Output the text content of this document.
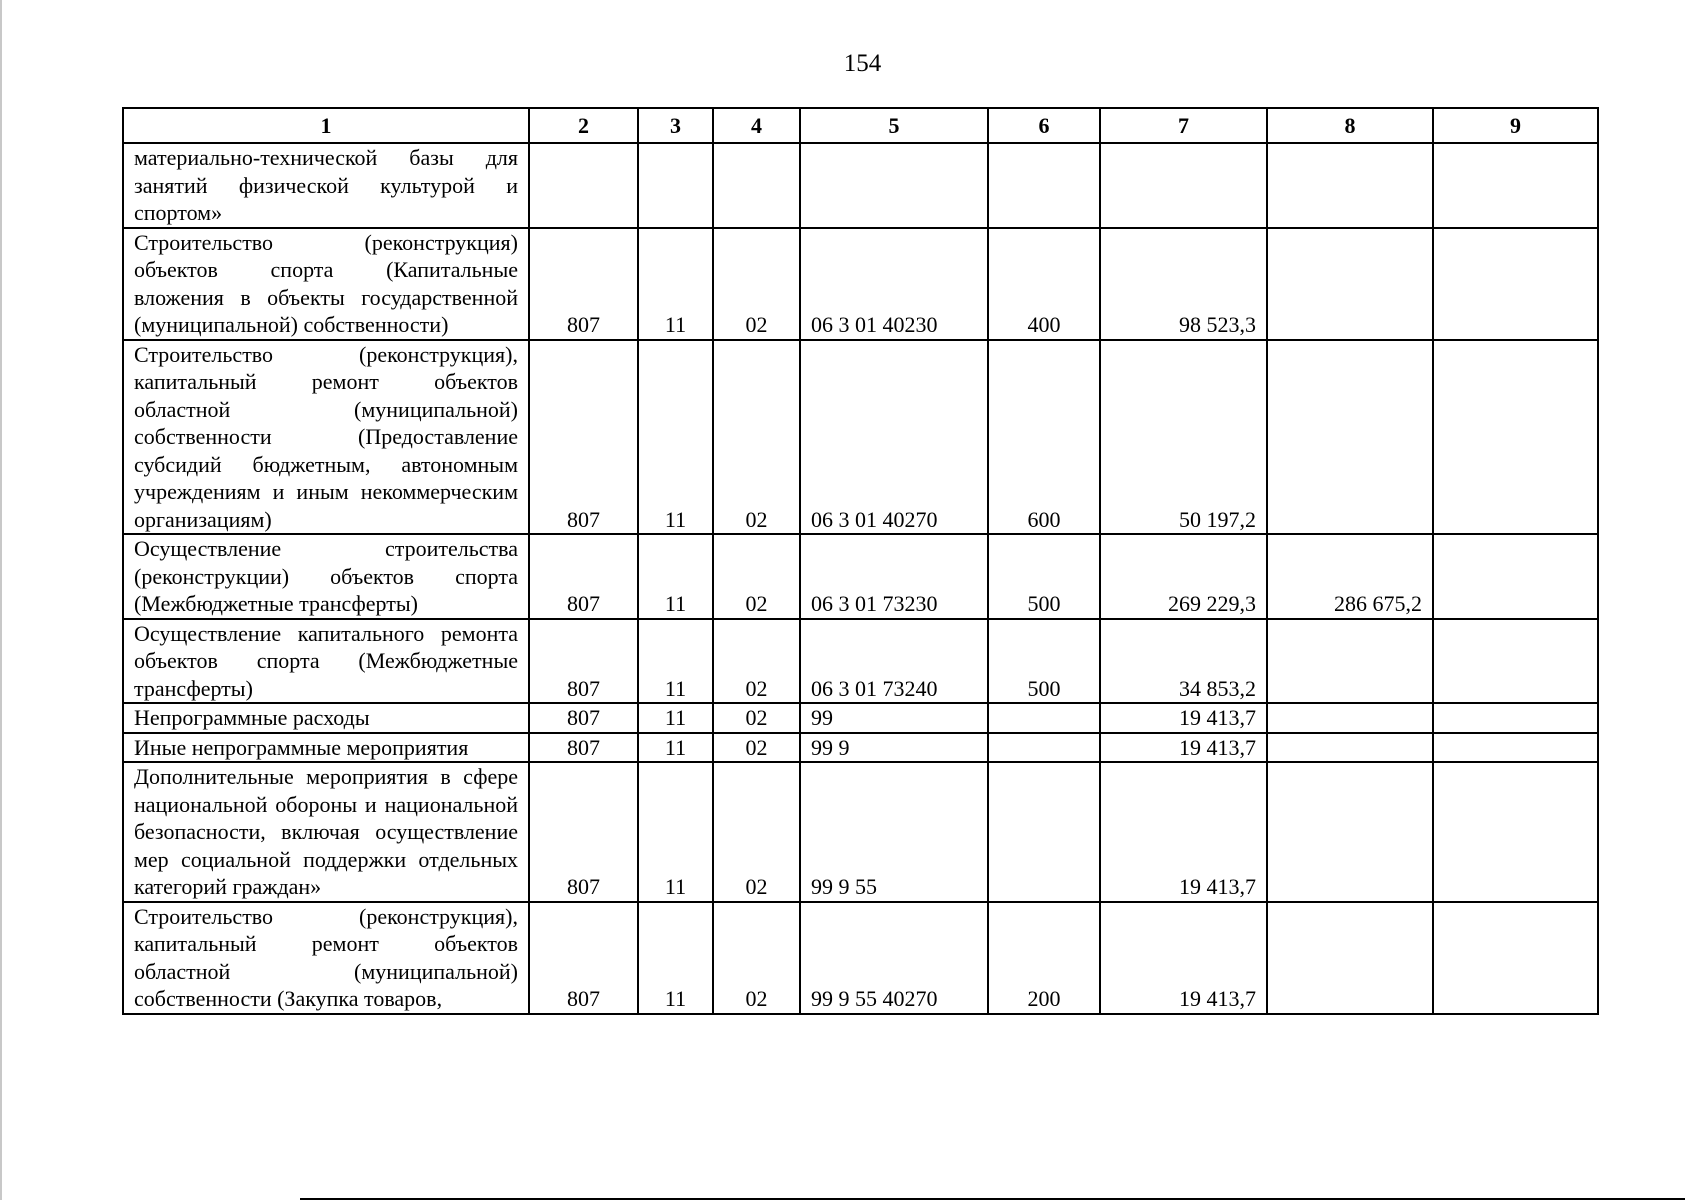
154
1	2	3	4	5	6	7	8	9
материально-технической базы для занятий физической культурой и спортом»								
Строительство (реконструкция) объектов спорта (Капитальные вложения в объекты государственной (муниципальной) собственности)	807	11	02	06 3 01 40230	400	98 523,3		
Строительство (реконструкция), капитальный ремонт объектов областной (муниципальной) собственности (Предоставление субсидий бюджетным, автономным учреждениям и иным некоммерческим организациям)	807	11	02	06 3 01 40270	600	50 197,2		
Осуществление строительства (реконструкции) объектов спорта (Межбюджетные трансферты)	807	11	02	06 3 01 73230	500	269 229,3	286 675,2	
Осуществление капитального ремонта объектов спорта (Межбюджетные трансферты)	807	11	02	06 3 01 73240	500	34 853,2		
Непрограммные расходы	807	11	02	99		19 413,7		
Иные непрограммные мероприятия	807	11	02	99 9		19 413,7		
Дополнительные мероприятия в сфере национальной обороны и национальной безопасности, включая осуществление мер социальной поддержки отдельных категорий граждан»	807	11	02	99 9 55		19 413,7		
Строительство (реконструкция), капитальный ремонт объектов областной (муниципальной) собственности (Закупка товаров,	807	11	02	99 9 55 40270	200	19 413,7		
